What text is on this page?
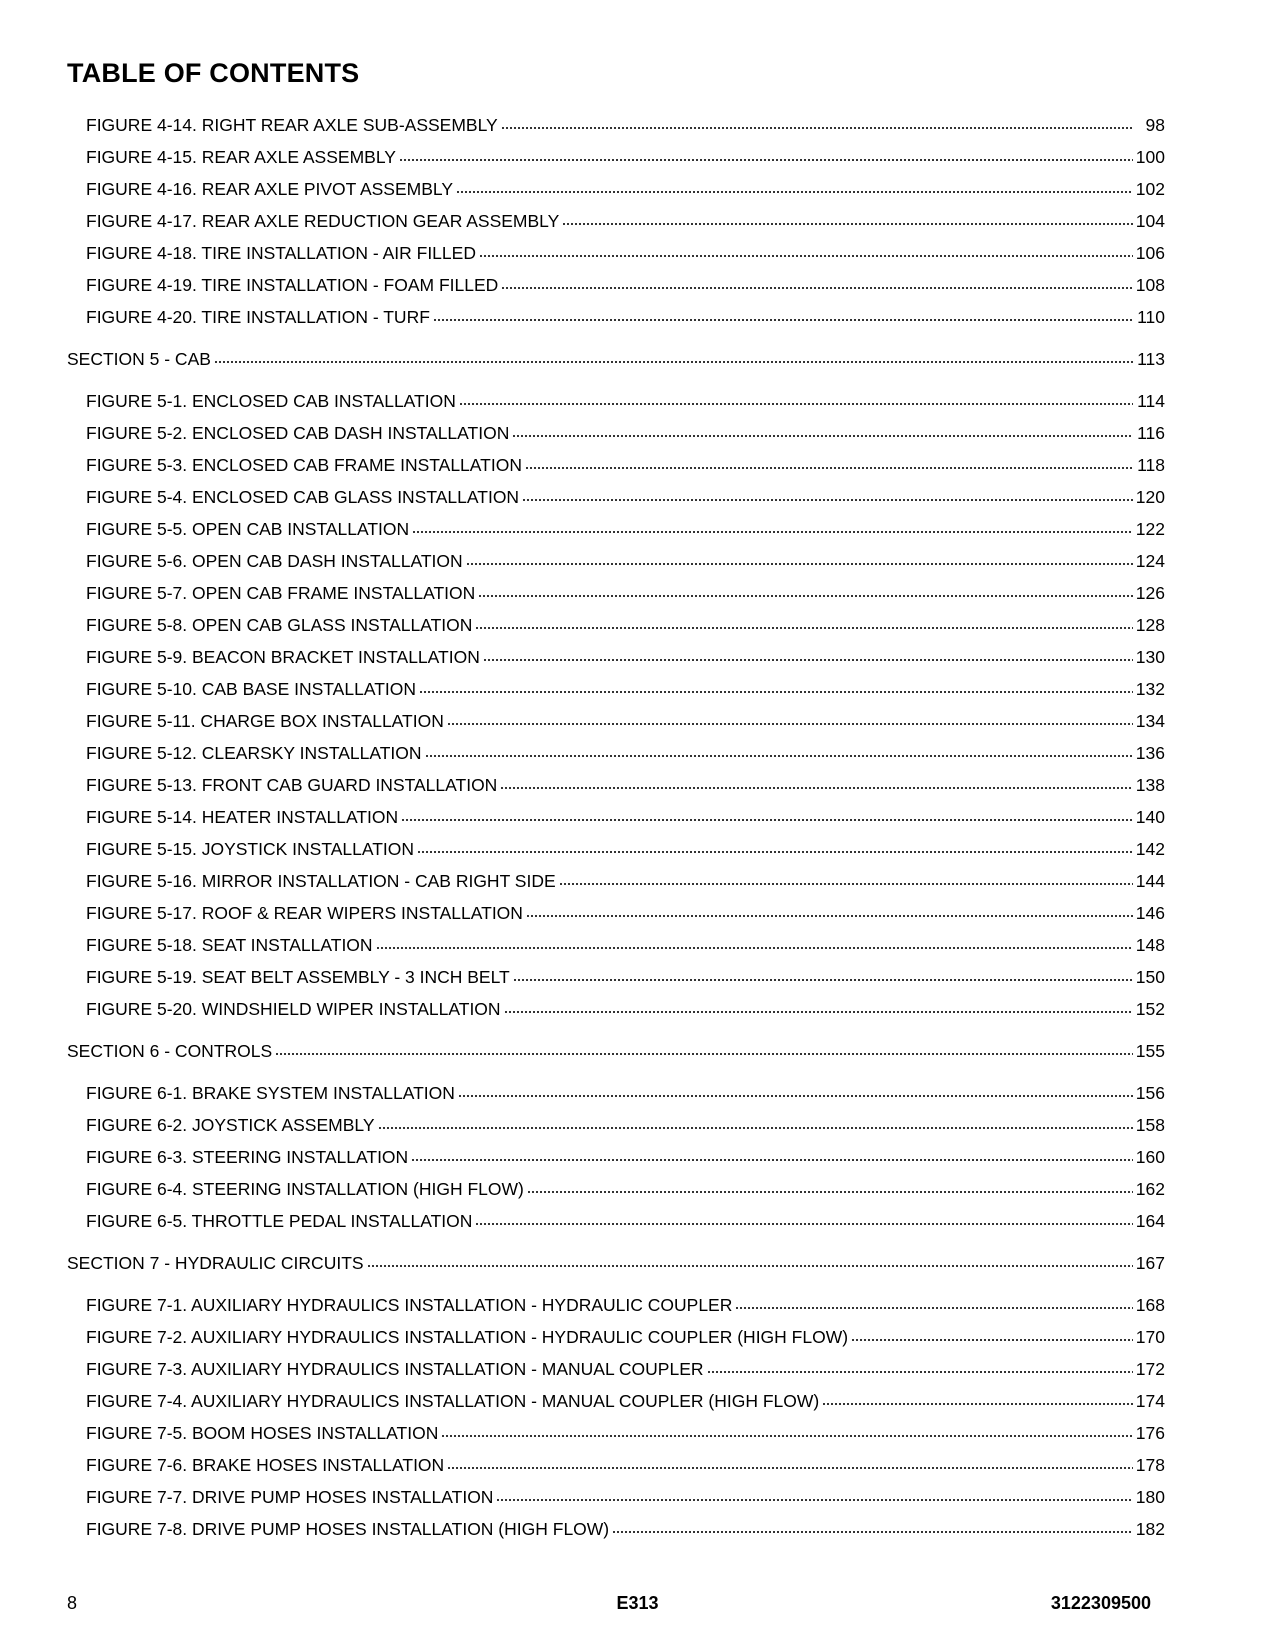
TABLE OF CONTENTS
FIGURE 4-14. RIGHT REAR AXLE SUB-ASSEMBLY	98
FIGURE 4-15. REAR AXLE ASSEMBLY	100
FIGURE 4-16. REAR AXLE PIVOT ASSEMBLY	102
FIGURE 4-17. REAR AXLE REDUCTION GEAR ASSEMBLY	104
FIGURE 4-18. TIRE INSTALLATION - AIR FILLED	106
FIGURE 4-19. TIRE INSTALLATION - FOAM FILLED	108
FIGURE 4-20. TIRE INSTALLATION - TURF	110
SECTION 5 - CAB	113
FIGURE 5-1. ENCLOSED CAB INSTALLATION	114
FIGURE 5-2. ENCLOSED CAB DASH INSTALLATION	116
FIGURE 5-3. ENCLOSED CAB FRAME INSTALLATION	118
FIGURE 5-4. ENCLOSED CAB GLASS INSTALLATION	120
FIGURE 5-5. OPEN CAB INSTALLATION	122
FIGURE 5-6. OPEN CAB DASH INSTALLATION	124
FIGURE 5-7. OPEN CAB FRAME INSTALLATION	126
FIGURE 5-8. OPEN CAB GLASS INSTALLATION	128
FIGURE 5-9. BEACON BRACKET INSTALLATION	130
FIGURE 5-10. CAB BASE INSTALLATION	132
FIGURE 5-11. CHARGE BOX INSTALLATION	134
FIGURE 5-12. CLEARSKY INSTALLATION	136
FIGURE 5-13. FRONT CAB GUARD INSTALLATION	138
FIGURE 5-14. HEATER INSTALLATION	140
FIGURE 5-15. JOYSTICK INSTALLATION	142
FIGURE 5-16. MIRROR INSTALLATION - CAB RIGHT SIDE	144
FIGURE 5-17. ROOF & REAR WIPERS INSTALLATION	146
FIGURE 5-18. SEAT INSTALLATION	148
FIGURE 5-19. SEAT BELT ASSEMBLY - 3 INCH BELT	150
FIGURE 5-20. WINDSHIELD WIPER INSTALLATION	152
SECTION 6 - CONTROLS	155
FIGURE 6-1. BRAKE SYSTEM INSTALLATION	156
FIGURE 6-2. JOYSTICK ASSEMBLY	158
FIGURE 6-3. STEERING INSTALLATION	160
FIGURE 6-4. STEERING INSTALLATION (HIGH FLOW)	162
FIGURE 6-5. THROTTLE PEDAL INSTALLATION	164
SECTION 7 - HYDRAULIC CIRCUITS	167
FIGURE 7-1. AUXILIARY HYDRAULICS INSTALLATION - HYDRAULIC COUPLER	168
FIGURE 7-2. AUXILIARY HYDRAULICS INSTALLATION - HYDRAULIC COUPLER (HIGH FLOW)	170
FIGURE 7-3. AUXILIARY HYDRAULICS INSTALLATION - MANUAL COUPLER	172
FIGURE 7-4. AUXILIARY HYDRAULICS INSTALLATION - MANUAL COUPLER (HIGH FLOW)	174
FIGURE 7-5. BOOM HOSES INSTALLATION	176
FIGURE 7-6. BRAKE HOSES INSTALLATION	178
FIGURE 7-7. DRIVE PUMP HOSES INSTALLATION	180
FIGURE 7-8. DRIVE PUMP HOSES INSTALLATION (HIGH FLOW)	182
8	E313	3122309500
